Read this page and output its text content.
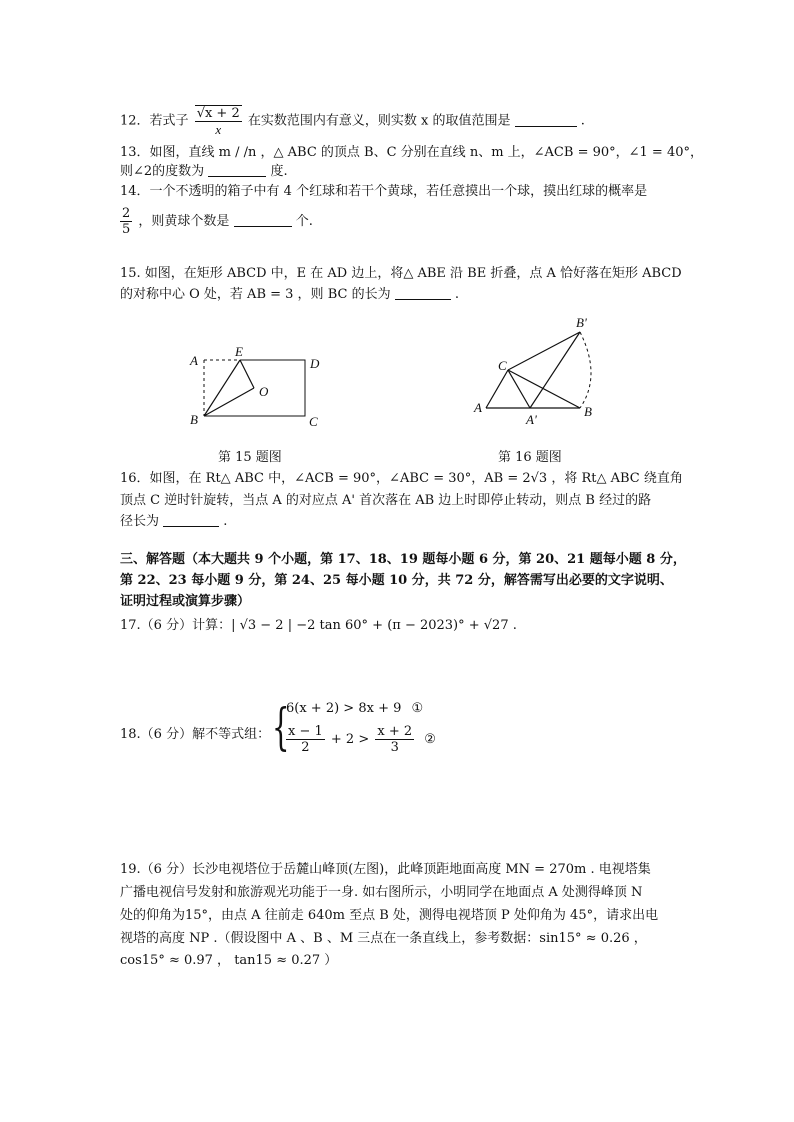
12．若式子 $\frac{√x + 2}{x}$ 在实数范围内有意义，则实数 x 的取值范围是	.
13．如图，直线 m / /n ，△ ABC 的顶点 B、C 分别在直线 n、m 上，∠ACB = 90°，∠1 = 40°，
则∠2的度数为	度.
14．一个不透明的箱子中有 4 个红球和若干个黄球，若任意摸出一个球，摸出红球的概率是
$\frac{2}{5}$ ，则黄球个数是	个.
15. 如图，在矩形 ABCD 中，E 在 AD 边上，将△ ABE 沿 BE 折叠，点 A 恰好落在矩形 ABCD
的对称中心 O 处，若 AB = 3 ，则 BC 的长为	.
A
E
D
O
B	C
第 15 题图
B'
C
A
A'
B
第 16 题图
16．如图，在 Rt△ ABC 中，∠ACB = 90°，∠ABC = 30°，AB = 2√3 ，将 Rt△ ABC 绕直角
顶点 C 逆时针旋转，当点 A 的对应点 A' 首次落在 AB 边上时即停止转动，则点 B 经过的路
径长为	.
三、解答题（本大题共 9 个小题，第 17、18、19 题每小题 6 分，第 20、21 题每小题 8 分，
第 22、23 每小题 9 分，第 24、25 每小题 10 分，共 72 分，解答需写出必要的文字说明、
证明过程或演算步骤）
17.（6 分）计算：| √3 − 2 | −2 tan 60° + (π − 2023)° + √27 .
18.（6 分）解不等式组： {
6(x + 2) > 8x + 9 ①
$\frac{x - 1}{2} + 2 > \frac{x + 2}{3}$ ②
19.（6 分）长沙电视塔位于岳麓山峰顶(左图)，此峰顶距地面高度 MN = 270m . 电视塔集
广播电视信号发射和旅游观光功能于一身. 如右图所示，小明同学在地面点 A 处测得峰顶 N
处的仰角为15°，由点 A 往前走 640m 至点 B 处，测得电视塔顶 P 处仰角为 45°，请求出电
视塔的高度 NP .（假设图中 A 、B 、M 三点在一条直线上，参考数据：sin15° ≈ 0.26 ，
cos15° ≈ 0.97 ， tan15 ≈ 0.27 ）
